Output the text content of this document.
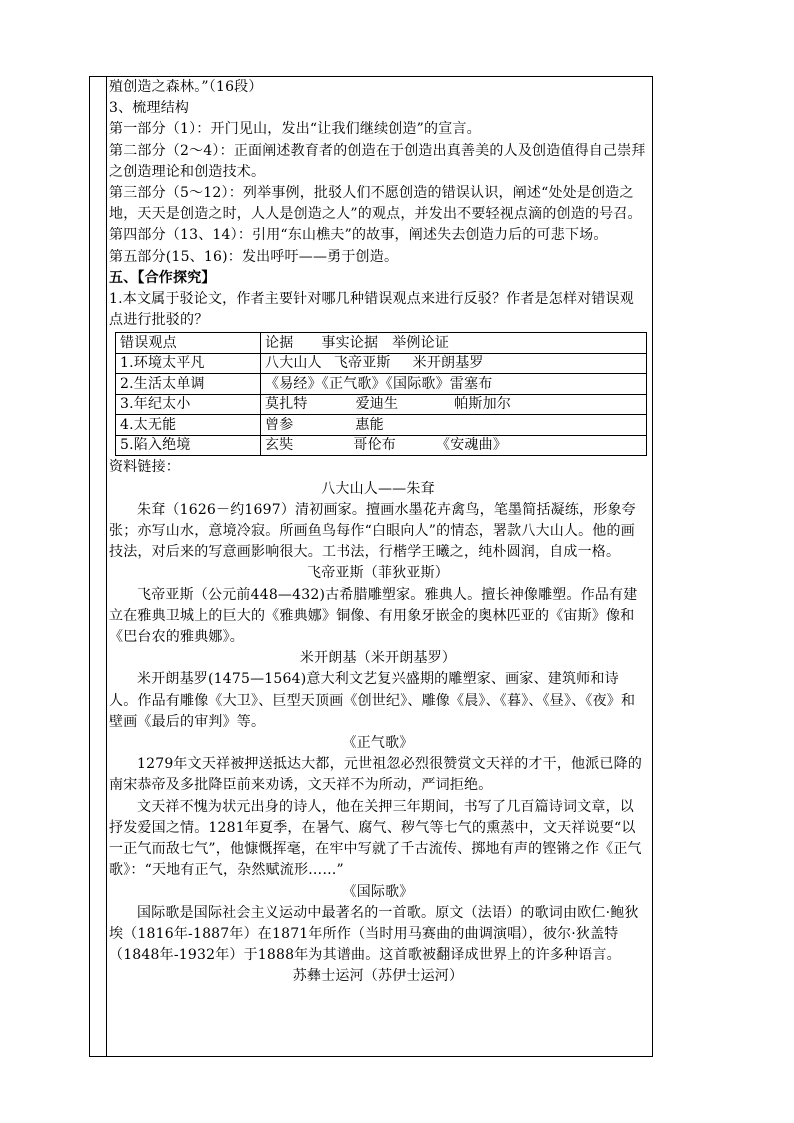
殖创造之森林。”（16段）

3、梳理结构

第一部分（1）：开门见山，发出“让我们继续创造”的宣言。

第二部分（2～4）：正面阐述教育者的创造在于创造出真善美的人及创造值得自己崇拜之创造理论和创造技术。

第三部分（5～12）：列举事例，批驳人们不愿创造的错误认识，阐述“处处是创造之地，天天是创造之时，人人是创造之人”的观点，并发出不要轻视点滴的创造的号召。

第四部分（13、14）：引用“东山樵夫”的故事，阐述失去创造力后的可悲下场。

第五部分(15、16)：发出呼吁——勇于创造。

五、【合作探究】

1.本文属于驳论文，作者主要针对哪几种错误观点来进行反驳？作者是怎样对错误观点进行批驳的？

错误观点	论据 事实论据 举例论证
1.环境太平凡	八大山人 飞帝亚斯 米开朗基罗
2.生活太单调	《易经》《正气歌》《国际歌》雷塞布
3.年纪太小	莫扎特 爱迪生 帕斯加尔
4.太无能	曾参 惠能
5.陷入绝境	玄奘 哥伦布 《安魂曲》

资料链接：

八大山人——朱耷

朱耷（1626－约1697）清初画家。擅画水墨花卉禽鸟，笔墨简括凝练，形象夸张；亦写山水，意境冷寂。所画鱼鸟每作“白眼向人”的情态，署款八大山人。他的画技法，对后来的写意画影响很大。工书法，行楷学王曦之，纯朴圆润，自成一格。

飞帝亚斯（菲狄亚斯）

飞帝亚斯（公元前448—432)古希腊雕塑家。雅典人。擅长神像雕塑。作品有建立在雅典卫城上的巨大的《雅典娜》铜像、有用象牙嵌金的奥林匹亚的《宙斯》像和《巴台农的雅典娜》。

米开朗基（米开朗基罗）

米开朗基罗(1475—1564)意大利文艺复兴盛期的雕塑家、画家、建筑师和诗人。作品有雕像《大卫》、巨型天顶画《创世纪》、雕像《晨》、《暮》、《昼》、《夜》和壁画《最后的审判》等。

《正气歌》

1279年文天祥被押送抵达大都，元世祖忽必烈很赞赏文天祥的才干，他派已降的南宋恭帝及多批降臣前来劝诱，文天祥不为所动，严词拒绝。

文天祥不愧为状元出身的诗人，他在关押三年期间，书写了几百篇诗词文章，以抒发爱国之情。1281年夏季，在暑气、腐气、秽气等七气的熏蒸中，文天祥说要“以一正气而敌七气”，他慷慨挥毫，在牢中写就了千古流传、掷地有声的铿锵之作《正气歌》：“天地有正气，杂然赋流形……”

《国际歌》

国际歌是国际社会主义运动中最著名的一首歌。原文（法语）的歌词由欧仁·鲍狄埃（1816年-1887年）在1871年所作（当时用马赛曲的曲调演唱），彼尔·狄盖特（1848年-1932年）于1888年为其谱曲。这首歌被翻译成世界上的许多种语言。

苏彝士运河（苏伊士运河）
